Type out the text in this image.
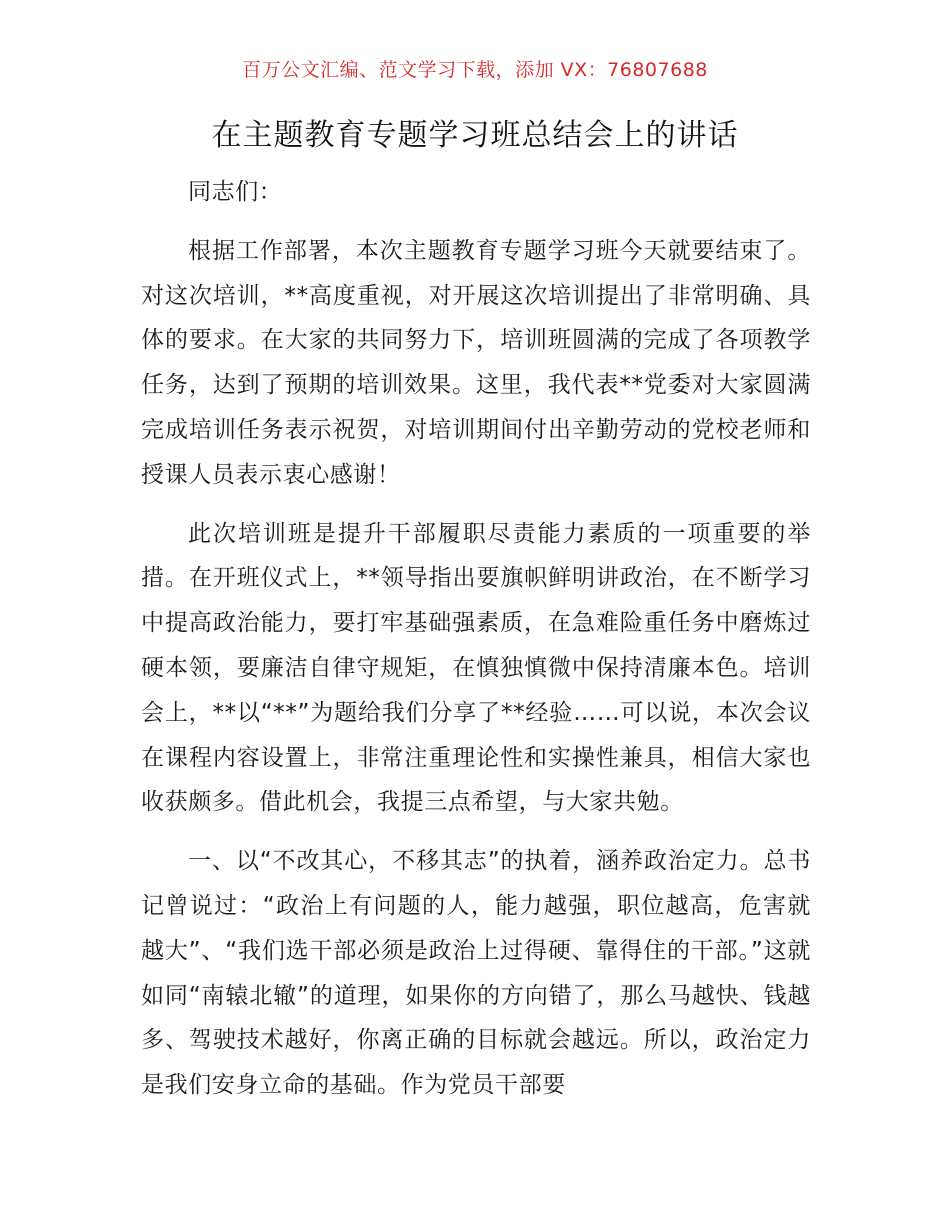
百万公文汇编、范文学习下载，添加 VX：76807688
在主题教育专题学习班总结会上的讲话

同志们：

根据工作部署，本次主题教育专题学习班今天就要结束了。对这次培训，**高度重视，对开展这次培训提出了非常明确、具体的要求。在大家的共同努力下，培训班圆满的完成了各项教学任务，达到了预期的培训效果。这里，我代表**党委对大家圆满完成培训任务表示祝贺，对培训期间付出辛勤劳动的党校老师和授课人员表示衷心感谢！

此次培训班是提升干部履职尽责能力素质的一项重要的举措。在开班仪式上，**领导指出要旗帜鲜明讲政治，在不断学习中提高政治能力，要打牢基础强素质，在急难险重任务中磨炼过硬本领，要廉洁自律守规矩，在慎独慎微中保持清廉本色。培训会上，**以“**”为题给我们分享了**经验……可以说，本次会议在课程内容设置上，非常注重理论性和实操性兼具，相信大家也收获颇多。借此机会，我提三点希望，与大家共勉。

一、以“不改其心，不移其志”的执着，涵养政治定力。总书记曾说过：“政治上有问题的人，能力越强，职位越高，危害就越大”、“我们选干部必须是政治上过得硬、靠得住的干部。”这就如同“南辕北辙”的道理，如果你的方向错了，那么马越快、钱越多、驾驶技术越好，你离正确的目标就会越远。所以，政治定力是我们安身立命的基础。作为党员干部要
